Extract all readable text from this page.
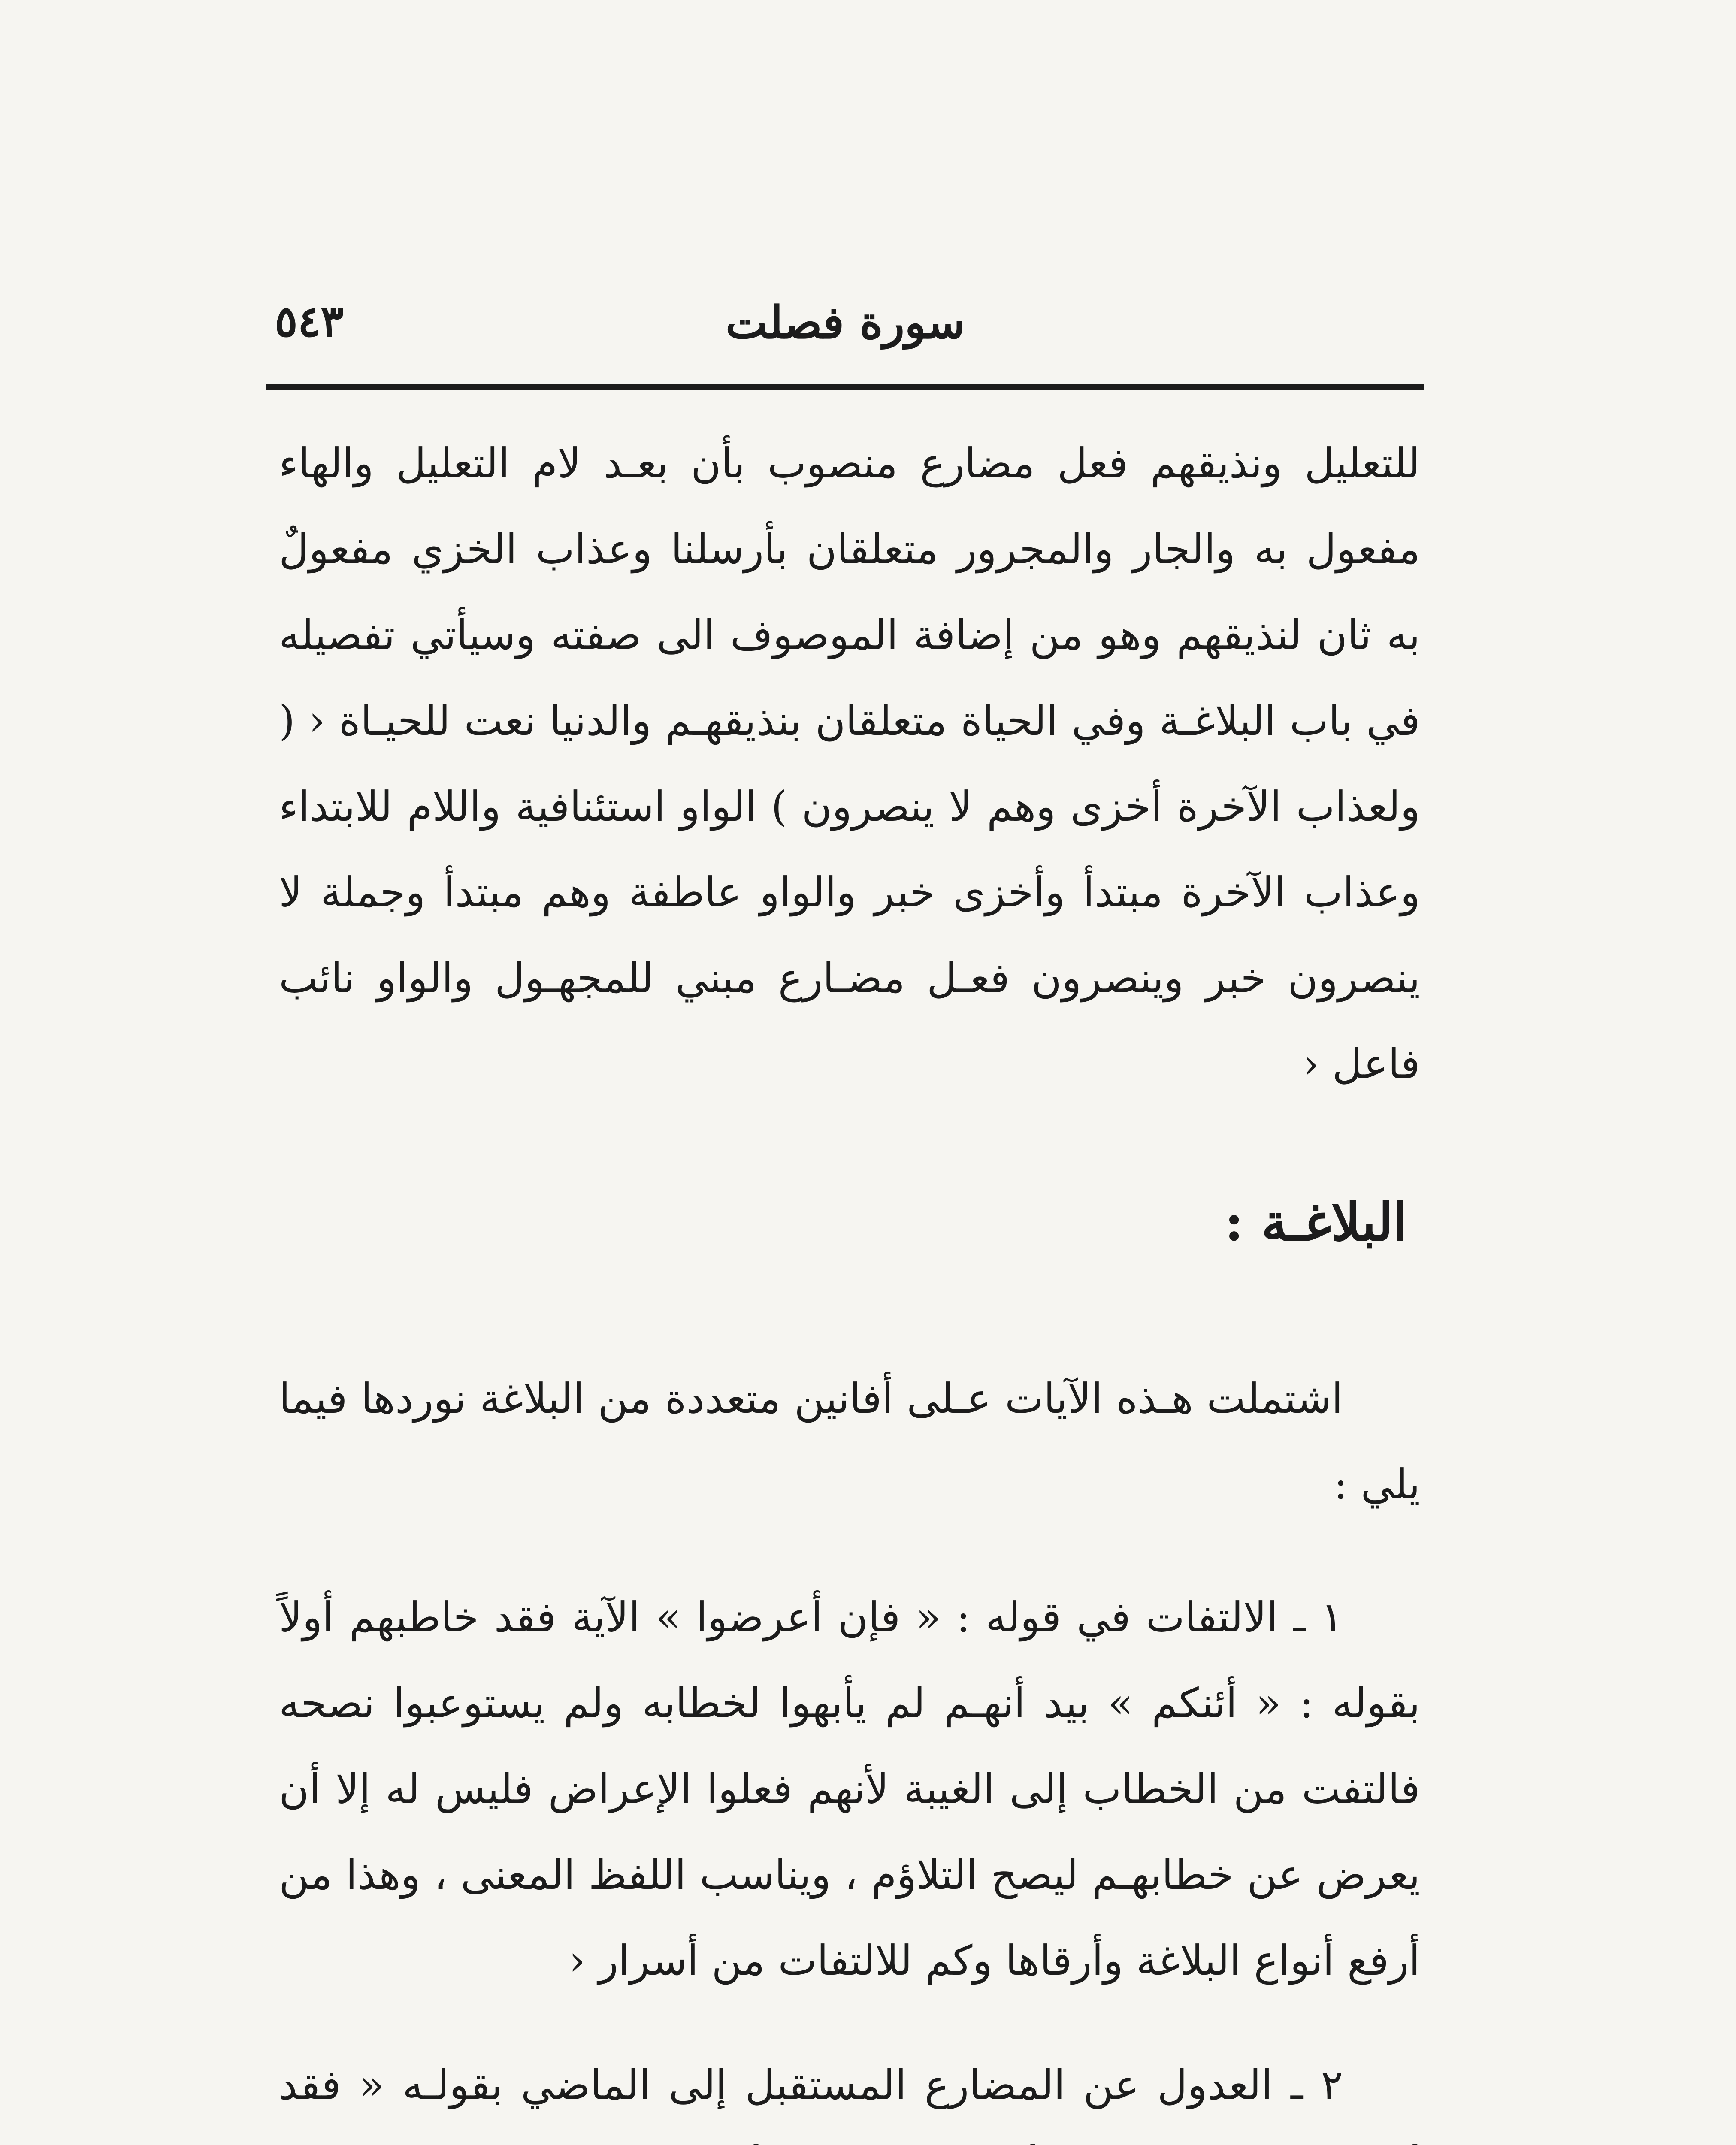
سورة فصلت
٥٤٣

للتعليل ونذيقهم فعل مضارع منصوب بأن بعـد لام التعليل والهاء مفعول به والجار والمجرور متعلقان بأرسلنا وعذاب الخزي مفعولٌ به ثان لنذيقهم وهو من إضافة الموصوف الى صفته وسيأتي تفصيله في باب البلاغـة وفي الحياة متعلقان بنذيقهـم والدنيا نعت للحيـاة ‹ ( ولعذاب الآخرة أخزى وهم لا ينصرون ) الواو استئنافية واللام للابتداء وعذاب الآخرة مبتدأ وأخزى خبر والواو عاطفة وهم مبتدأ وجملة لا ينصرون خبر وينصرون فعـل مضـارع مبني للمجهـول والواو نائب فاعل ‹

البلاغـة :

اشتملت هـذه الآيات عـلى أفانين متعددة من البلاغة نوردها فيما يلي :

١ ـ الالتفات في قوله : « فإن أعرضوا » الآية فقد خاطبهم أولاً بقوله : « أئنكم » بيد أنهـم لم يأبهوا لخطابه ولم يستوعبوا نصحه فالتفت من الخطاب إلى الغيبة لأنهم فعلوا الإعراض فليس له إلا أن يعرض عن خطابهـم ليصح التلاؤم ، ويناسب اللفظ المعنى ، وهذا من أرفع أنواع البلاغة وأرقاها وكم للالتفات من أسرار ‹

٢ ـ العدول عن المضارع المستقبل إلى الماضي بقولـه « فقد
